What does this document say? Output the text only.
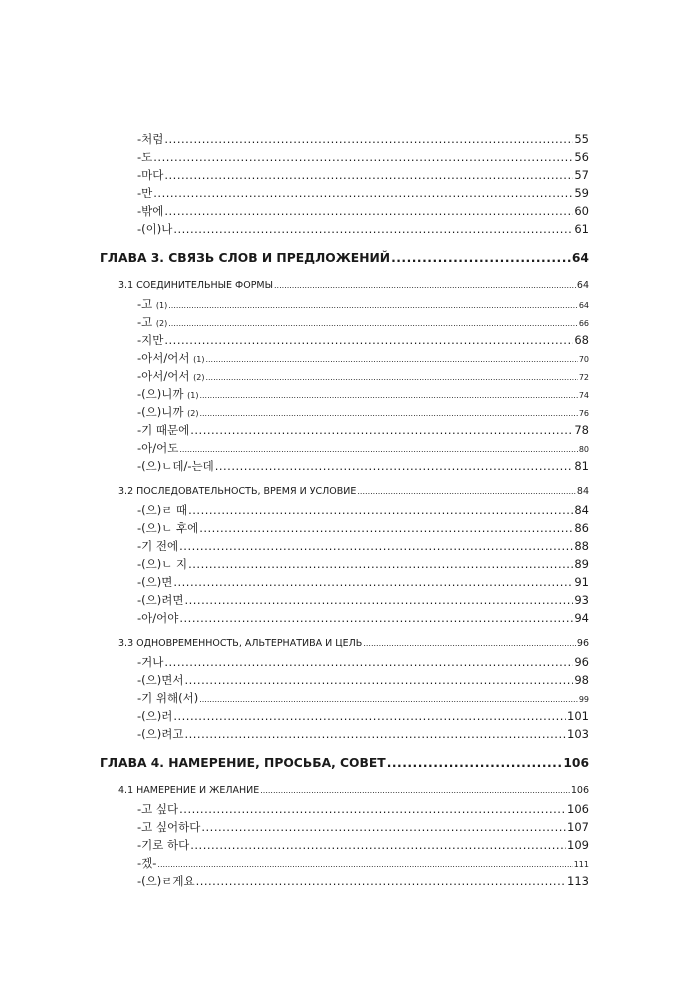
-처럼 .....	55
-도 .....	56
-마다 .....	57
-만 .....	59
-밖에 .....	60
-(이)나 .....	61
ГЛАВА 3. СВЯЗЬ СЛОВ И ПРЕДЛОЖЕНИЙ .....	64
3.1 СОЕДИНИТЕЛЬНЫЕ ФОРМЫ .....	64
-고 (1) .....	64
-고 (2) .....	66
-지만 .....	68
-아서/어서 (1) .....	70
-아서/어서 (2) .....	72
-(으)니까 (1) .....	74
-(으)니까 (2) .....	76
-기 때문에 .....	78
-아/어도 .....	80
-(으)ㄴ데/-는데 .....	81
3.2 ПОСЛЕДОВАТЕЛЬНОСТЬ, ВРЕМЯ И УСЛОВИЕ .....	84
-(으)ㄹ 때 .....	84
-(으)ㄴ 후에 .....	86
-기 전에 .....	88
-(으)ㄴ 지 .....	89
-(으)면 .....	91
-(으)려면 .....	93
-아/어야 .....	94
3.3 ОДНОВРЕМЕННОСТЬ, АЛЬТЕРНАТИВА И ЦЕЛЬ .....	96
-거나 .....	96
-(으)면서 .....	98
-기 위해(서) .....	99
-(으)러 .....	101
-(으)려고 .....	103
ГЛАВА 4. НАМЕРЕНИЕ, ПРОСЬБА, СОВЕТ .....	106
4.1 НАМЕРЕНИЕ И ЖЕЛАНИЕ .....	106
-고 싶다 .....	106
-고 싶어하다 .....	107
-기로 하다 .....	109
-겠- .....	111
-(으)ㄹ게요 .....	113
